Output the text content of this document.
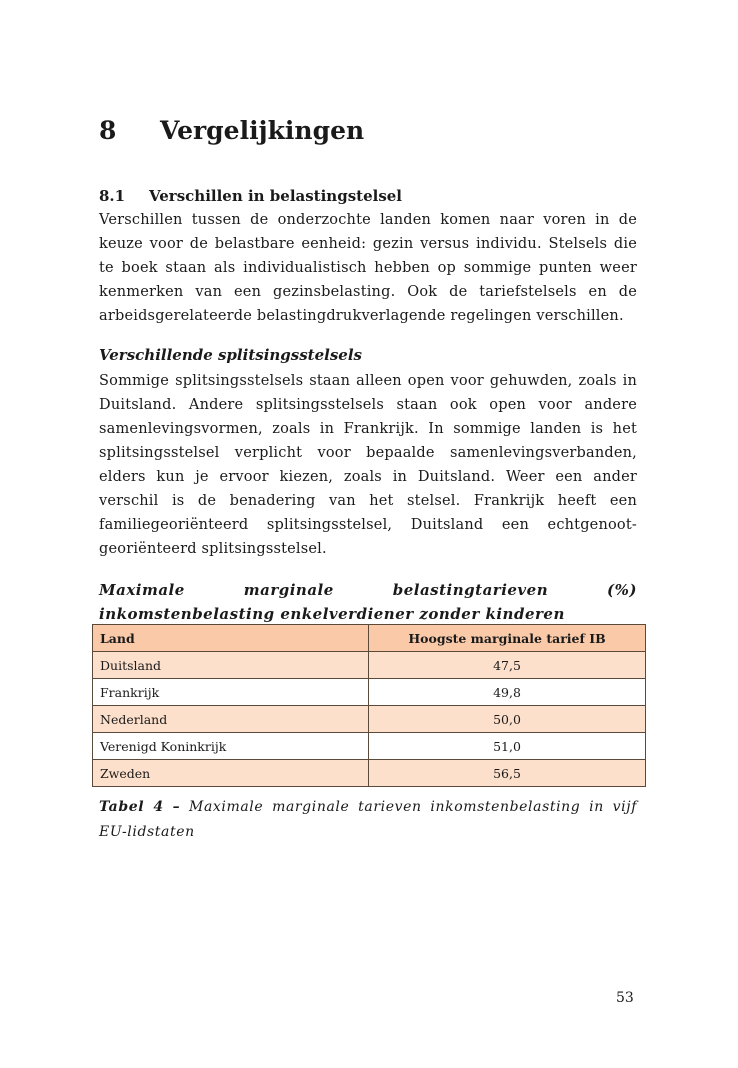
8 Vergelijkingen
8.1 Verschillen in belastingstelsel

Verschillen tussen de onderzochte landen komen naar voren in de keuze voor de belastbare eenheid: gezin versus individu. Stelsels die te boek staan als individualistisch hebben op sommige punten weer kenmerken van een gezinsbelasting. Ook de tariefstelsels en de arbeidsgerelateerde belastingdrukverlagende regelingen verschillen.

Verschillende splitsingsstelsels

Sommige splitsingsstelsels staan alleen open voor gehuwden, zoals in Duitsland. Andere splitsingsstelsels staan ook open voor andere samenlevingsvormen, zoals in Frankrijk. In sommige landen is het splitsingsstelsel verplicht voor bepaalde samenlevingsverbanden, elders kun je ervoor kiezen, zoals in Duitsland. Weer een ander verschil is de benadering van het stelsel. Frankrijk heeft een familiegeoriënteerd splitsingsstelsel, Duitsland een echtgenoot-georiënteerd splitsingsstelsel.

Maximale marginale belastingtarieven (%) inkomstenbelasting enkelverdiener zonder kinderen

Land	Hoogste marginale tarief IB
Duitsland	47,5
Frankrijk	49,8
Nederland	50,0
Verenigd Koninkrijk	51,0
Zweden	56,5

Tabel 4 – Maximale marginale tarieven inkomstenbelasting in vijf EU-lidstaten

53
